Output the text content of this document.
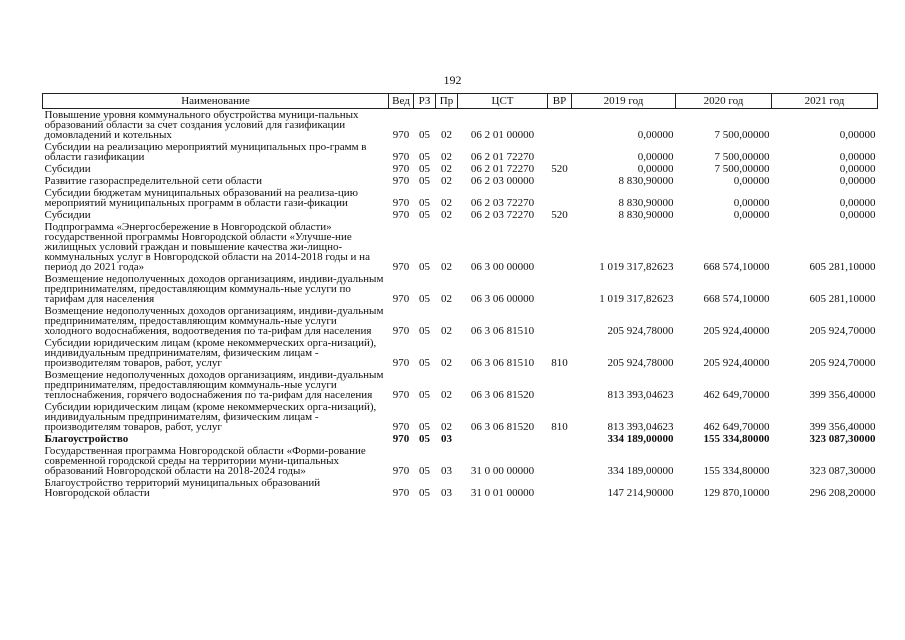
192
Наименование	Вед	РЗ	Пр	ЦСТ	ВР	2019 год	2020 год	2021 год
Повышение уровня коммунального обустройства муници-пальных образований области за счет создания условий для газификации домовладений и котельных	970	05	02	06 2 01 00000		0,00000	7 500,00000	0,00000
Субсидии на реализацию мероприятий муниципальных про-грамм в области газификации	970	05	02	06 2 01 72270		0,00000	7 500,00000	0,00000
Субсидии	970	05	02	06 2 01 72270	520	0,00000	7 500,00000	0,00000
Развитие газораспределительной сети области	970	05	02	06 2 03 00000		8 830,90000	0,00000	0,00000
Субсидии бюджетам муниципальных образований на реализа-цию мероприятий муниципальных программ в области гази-фикации	970	05	02	06 2 03 72270		8 830,90000	0,00000	0,00000
Субсидии	970	05	02	06 2 03 72270	520	8 830,90000	0,00000	0,00000
Подпрограмма «Энергосбережение в Новгородской области» государственной программы Новгородской области «Улучше-ние жилищных условий граждан и повышение качества жи-лищно-коммунальных услуг в Новгородской области на 2014-2018 годы и на период до 2021 года»	970	05	02	06 3 00 00000		1 019 317,82623	668 574,10000	605 281,10000
Возмещение недополученных доходов организациям, индиви-дуальным предпринимателям, предоставляющим коммуналь-ные услуги по тарифам для населения	970	05	02	06 3 06 00000		1 019 317,82623	668 574,10000	605 281,10000
Возмещение недополученных доходов организациям, индиви-дуальным предпринимателям, предоставляющим коммуналь-ные услуги холодного водоснабжения, водоотведения по та-рифам для населения	970	05	02	06 3 06 81510		205 924,78000	205 924,40000	205 924,70000
Субсидии юридическим лицам (кроме некоммерческих орга-низаций), индивидуальным предпринимателям, физическим лицам - производителям товаров, работ, услуг	970	05	02	06 3 06 81510	810	205 924,78000	205 924,40000	205 924,70000
Возмещение недополученных доходов организациям, индиви-дуальным предпринимателям, предоставляющим коммуналь-ные услуги теплоснабжения, горячего водоснабжения по та-рифам для населения	970	05	02	06 3 06 81520		813 393,04623	462 649,70000	399 356,40000
Субсидии юридическим лицам (кроме некоммерческих орга-низаций), индивидуальным предпринимателям, физическим лицам - производителям товаров, работ, услуг	970	05	02	06 3 06 81520	810	813 393,04623	462 649,70000	399 356,40000
Благоустройство	970	05	03			334 189,00000	155 334,80000	323 087,30000
Государственная программа Новгородской области «Форми-рование современной городской среды на территории муни-ципальных образований Новгородской области на 2018-2024 годы»	970	05	03	31 0 00 00000		334 189,00000	155 334,80000	323 087,30000
Благоустройство территорий муниципальных образований Новгородской области	970	05	03	31 0 01 00000		147 214,90000	129 870,10000	296 208,20000
